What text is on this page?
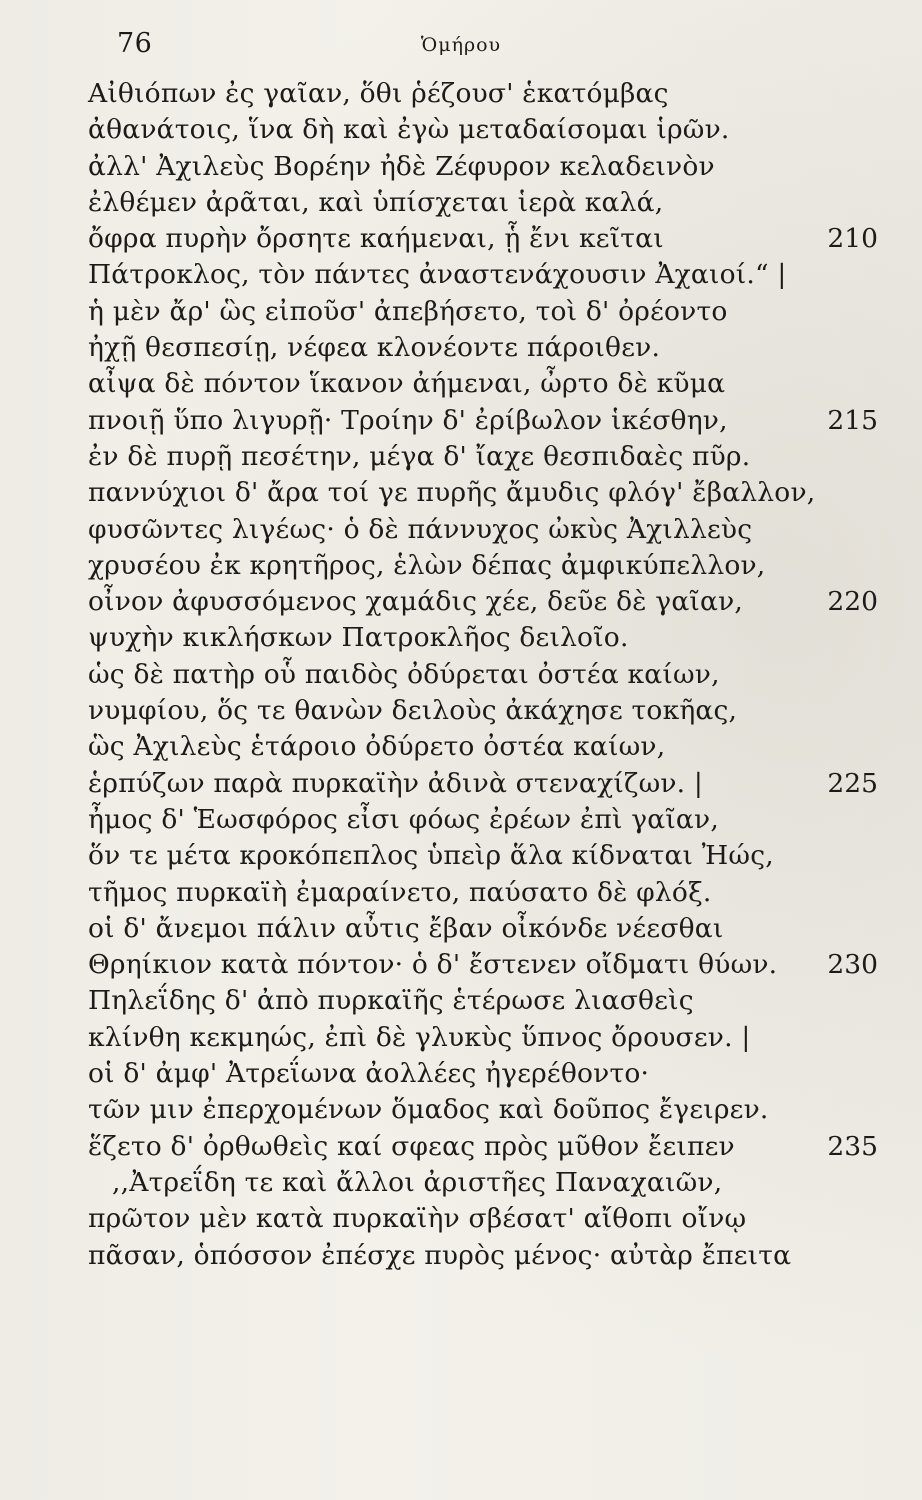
76	Ὁμήρου
Αἰθιόπων ἐς γαῖαν, ὅθι ῥέζουσ' ἑκατόμβας
ἀθανάτοις, ἵνα δὴ καὶ ἐγὼ μεταδαίσομαι ἱρῶν.
ἀλλ' Ἀχιλεὺς Βορέην ἠδὲ Ζέφυρον κελαδεινὸν
ἐλθέμεν ἀρᾶται, καὶ ὑπίσχεται ἱερὰ καλά,
ὄφρα πυρὴν ὄρσητε καήμεναι, ᾗ ἔνι κεῖται	210
Πάτροκλος, τὸν πάντες ἀναστενάχουσιν Ἀχαιοί.“ |
ἡ μὲν ἄρ' ὣς εἰποῦσ' ἀπεβήσετο, τοὶ δ' ὀρέοντο
ἠχῇ θεσπεσίῃ, νέφεα κλονέοντε πάροιθεν.
αἶψα δὲ πόντον ἵκανον ἀήμεναι, ὦρτο δὲ κῦμα
πνοιῇ ὕπο λιγυρῇ· Τροίην δ' ἐρίβωλον ἱκέσθην,	215
ἐν δὲ πυρῇ πεσέτην, μέγα δ' ἴαχε θεσπιδαὲς πῦρ.
παννύχιοι δ' ἄρα τοί γε πυρῆς ἄμυδις φλόγ' ἔβαλλον,
φυσῶντες λιγέως· ὁ δὲ πάννυχος ὠκὺς Ἀχιλλεὺς
χρυσέου ἐκ κρητῆρος, ἑλὼν δέπας ἀμφικύπελλον,
οἶνον ἀφυσσόμενος χαμάδις χέε, δεῦε δὲ γαῖαν,	220
ψυχὴν κικλήσκων Πατροκλῆος δειλοῖο.
ὡς δὲ πατὴρ οὗ παιδὸς ὀδύρεται ὀστέα καίων,
νυμφίου, ὅς τε θανὼν δειλοὺς ἀκάχησε τοκῆας,
ὣς Ἀχιλεὺς ἑτάροιο ὀδύρετο ὀστέα καίων,
ἑρπύζων παρὰ πυρκαϊὴν ἀδινὰ στεναχίζων. |	225
ἦμος δ' Ἑωσφόρος εἶσι φόως ἐρέων ἐπὶ γαῖαν,
ὅν τε μέτα κροκόπεπλος ὑπεὶρ ἅλα κίδναται Ἠώς,
τῆμος πυρκαϊὴ ἐμαραίνετο, παύσατο δὲ φλόξ.
οἱ δ' ἄνεμοι πάλιν αὖτις ἔβαν οἶκόνδε νέεσθαι
Θρηίκιον κατὰ πόντον· ὁ δ' ἔστενεν οἴδματι θύων. 230
Πηλεΐδης δ' ἀπὸ πυρκαϊῆς ἑτέρωσε λιασθεὶς
κλίνθη κεκμηώς, ἐπὶ δὲ γλυκὺς ὕπνος ὄρουσεν. |
οἱ δ' ἀμφ' Ἀτρεΐωνα ἀολλέες ἠγερέθοντο·
τῶν μιν ἐπερχομένων ὅμαδος καὶ δοῦπος ἔγειρεν.
ἕζετο δ' ὀρθωθεὶς καί σφεας πρὸς μῦθον ἔειπεν	235
,,Ἀτρεΐδη τε καὶ ἄλλοι ἀριστῆες Παναχαιῶν,
πρῶτον μὲν κατὰ πυρκαϊὴν σβέσατ' αἴθοπι οἴνῳ
πᾶσαν, ὁπόσσον ἐπέσχε πυρὸς μένος· αὐτὰρ ἔπειτα
